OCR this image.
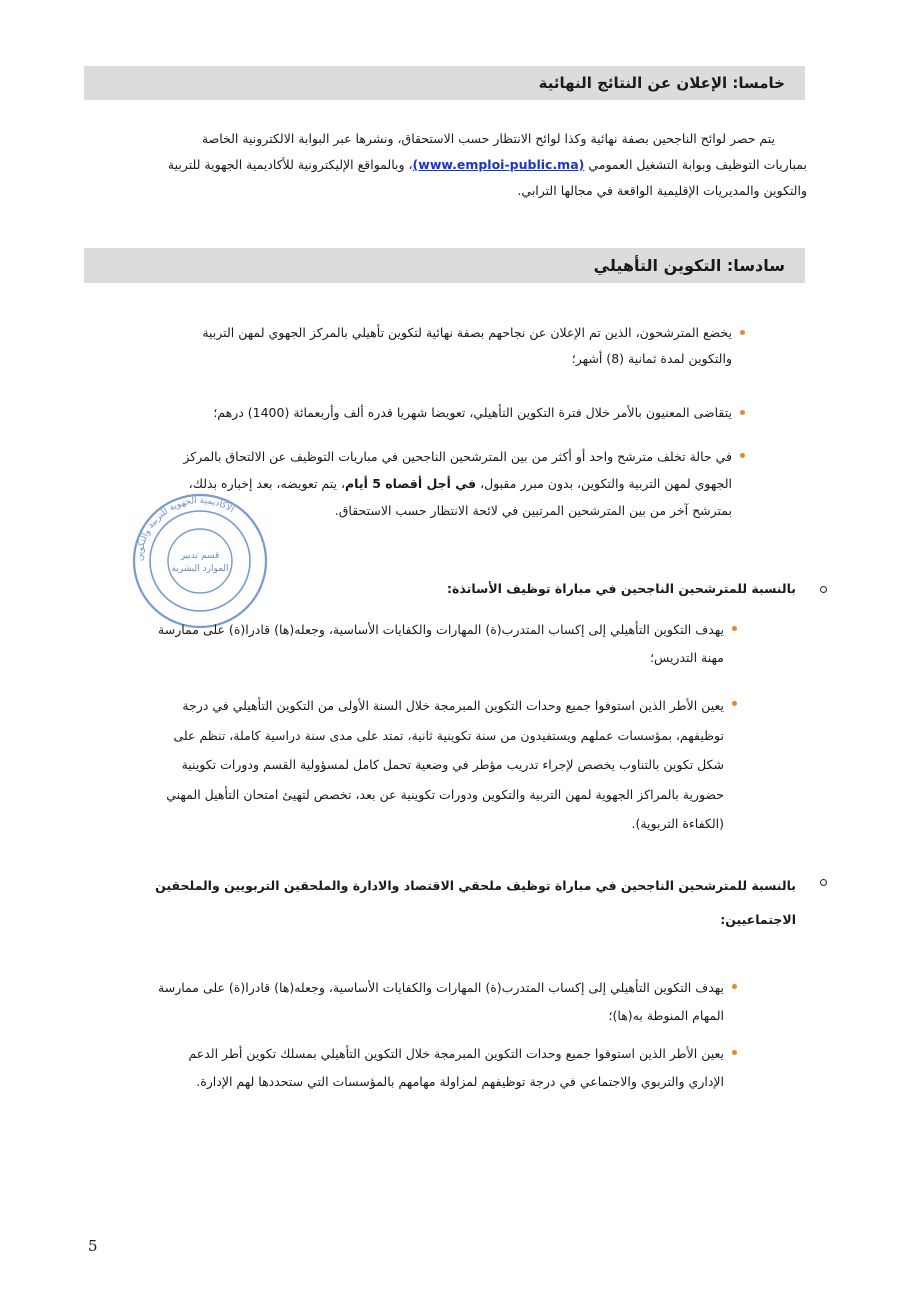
خامسا: الإعلان عن النتائج النهائية
يتم حصر لوائح الناجحين بصفة نهائية وكذا لوائح الانتظار حسب الاستحقاق، ونشرها عبر البوابة الالكترونية الخاصة
بمباريات التوظيف وبوابة التشغيل العمومي (www.emploi-public.ma)، وبالمواقع الإليكترونية للأكاديمية الجهوية للتربية
والتكوين والمديريات الإقليمية الواقعة في مجالها الترابي.
سادسا: التكوين التأهيلي
يخضع المترشحون، الذين تم الإعلان عن نجاحهم بصفة نهائية لتكوين تأهيلي بالمركز الجهوي لمهن التربية
والتكوين لمدة ثمانية (8) أشهر؛
يتقاضى المعنيون بالأمر خلال فترة التكوين التأهيلي، تعويضا شهريا قدره ألف وأربعمائة (1400) درهم؛
في حالة تخلف مترشح واحد أو أكثر من بين المترشحين الناجحين في مباريات التوظيف عن الالتحاق بالمركز
الجهوي لمهن التربية والتكوين، بدون مبرر مقبول، في أجل أقصاه 5 أيام، يتم تعويضه، بعد إخباره بذلك،
بمترشح آخر من بين المترشحين المرتبين في لائحة الانتظار حسب الاستحقاق.
الأكاديمية الجهوية للتربية والتكوين
قسم تدبير
الموارد البشرية
بالنسبة للمترشحين الناجحين في مباراة توظيف الأساتذة:
يهدف التكوين التأهيلي إلى إكساب المتدرب(ة) المهارات والكفايات الأساسية، وجعله(ها) قادرا(ة) على ممارسة
مهنة التدريس؛
يعين الأطر الذين استوفوا جميع وحدات التكوين المبرمجة خلال السنة الأولى من التكوين التأهيلي في درجة
توظيفهم، بمؤسسات عملهم ويستفيدون من سنة تكوينية ثانية، تمتد على مدى سنة دراسية كاملة، تنظم على
شكل تكوين بالتناوب يخصص لإجراء تدريب مؤطر في وضعية تحمل كامل لمسؤولية القسم ودورات تكوينية
حضورية بالمراكز الجهوية لمهن التربية والتكوين ودورات تكوينية عن بعد، تخصص لتهيئ امتحان التأهيل المهني
(الكفاءة التربوية).
بالنسبة للمترشحين الناجحين في مباراة توظيف ملحقي الاقتصاد والادارة والملحقين التربويين والملحقين
الاجتماعيين:
يهدف التكوين التأهيلي إلى إكساب المتدرب(ة) المهارات والكفايات الأساسية، وجعله(ها) قادرا(ة) على ممارسة
المهام المنوطة به(ها)؛
يعين الأطر الذين استوفوا جميع وحدات التكوين المبرمجة خلال التكوين التأهيلي بمسلك تكوين أطر الدعم
الإداري والتربوي والاجتماعي في درجة توظيفهم لمزاولة مهامهم بالمؤسسات التي ستحددها لهم الإدارة.
5
